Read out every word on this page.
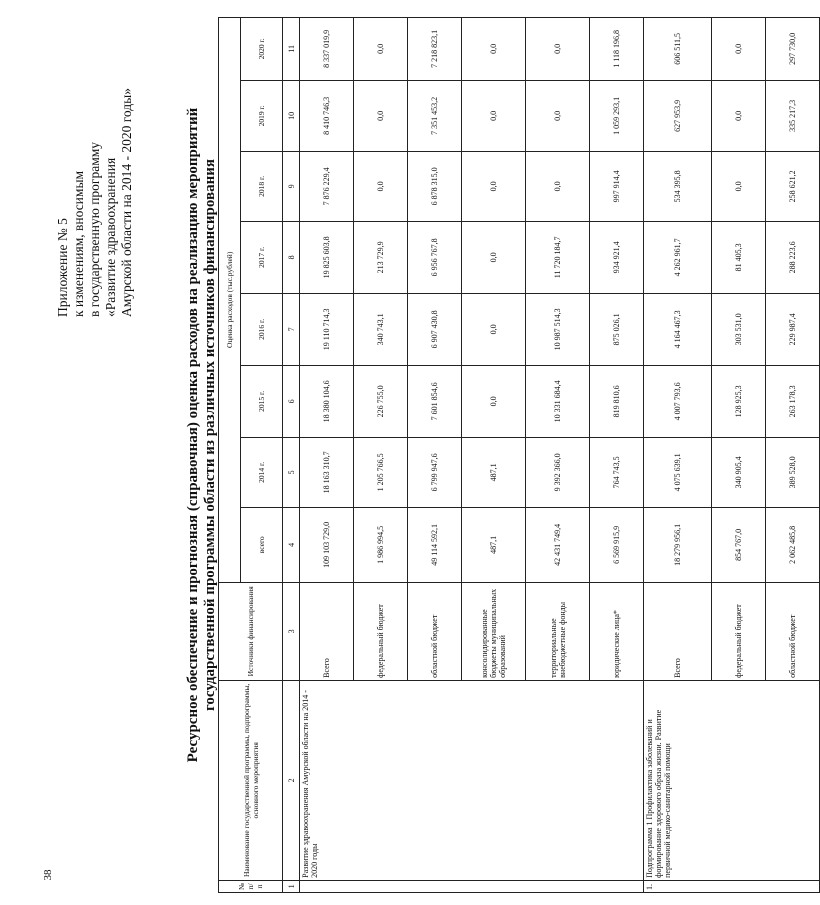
38
Приложение № 5 к изменениям, вносимым в государственную программу «Развитие здравоохранения Амурской области на 2014 - 2020 годы»	Ресурсное обеспечение и прогнозная (справочная) оценка расходов на реализацию мероприятий государственной программы области из различных источников финансирования
№ п/п	Наименование государственной программы, подпрограммы, основного мероприятия	Источники финансирования	Оценка расходов (тыс.рублей)							
			всего	2014 г.	2015 г.	2016 г.	2017 г.	2018 г.	2019 г.	2020 г.
1	2	3	4	5	6	7	8	9	10	11
	Развитие здравоохранения Амурской области на 2014 - 2020 годы	Всего	109 103 729,0	18 163 310,7	18 380 104,6	19 110 714,3	19 825 603,8	7 876 229,4	8 410 746,3	8 337 019,9
		федеральный бюджет	1 986 994,5	1 205 766,5	226 755,0	340 743,1	213 729,9	0,0	0,0	0,0
		областной бюджет	49 114 592,1	6 799 947,6	7 601 854,6	6 907 430,8	6 956 767,8	6 878 315,0	7 351 453,2	7 218 823,1
		консолидированные бюджеты муниципальных образований	487,1	487,1	0,0	0,0	0,0	0,0	0,0	0,0
		территориальные внебюджетные фонды	42 431 749,4	9 392 366,0	10 331 684,4	10 987 514,3	11 720 184,7	0,0	0,0	0,0
		юридические лица*	6 569 915,9	764 743,5	819 810,6	875 026,1	934 921,4	997 914,4	1 059 293,1	1 118 196,8
1.	Подпрограмма 1 Профилактика заболеваний и формирование здорового образа жизни. Развитие первичной медико-санитарной помощи	Всего	18 279 956,1	4 075 639,1	4 007 793,6	4 164 467,3	4 262 961,7	534 395,8	627 953,9	606 511,5
		федеральный бюджет	854 767,0	340 905,4	128 925,3	303 531,0	81 405,3	0,0	0,0	0,0
		областной бюджет	2 062 485,8	389 528,0	263 178,3	229 987,4	288 223,6	258 621,2	335 217,3	297 730,0
